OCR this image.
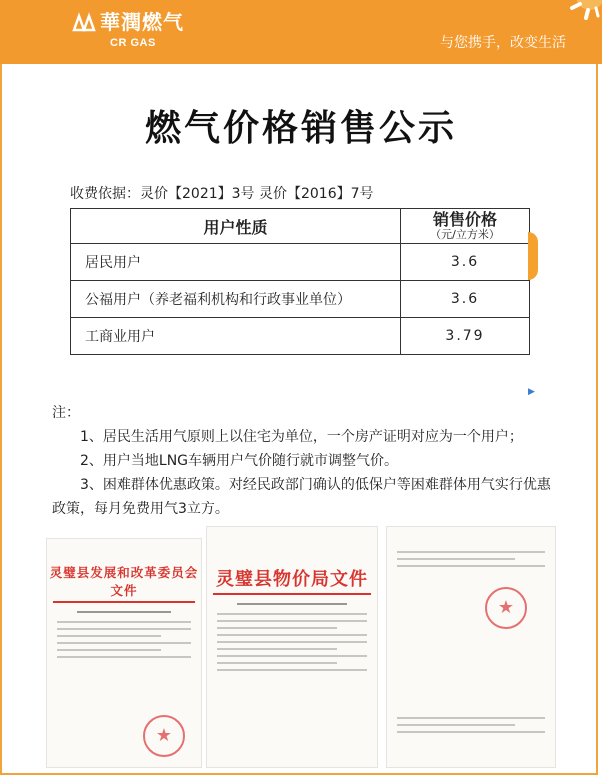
華潤燃气
CR GAS	与您携手，改变生活
燃气价格销售公示
收费依据：灵价【2021】3号 灵价【2016】7号
用户性质	销售价格
（元/立方米）

居民用户	3.6
公福用户（养老福利机构和行政事业单位）	3.6
工商业用户	3.79
▶

注：

1、居民生活用气原则上以住宅为单位，一个房产证明对应为一个用户；

2、用户当地LNG车辆用户气价随行就市调整气价。

3、困难群体优惠政策。对经民政部门确认的低保户等困难群体用气实行优惠政策，每月免费用气3立方。

灵璧县发展和改革委员会文件
★
灵璧县物价局文件
★
